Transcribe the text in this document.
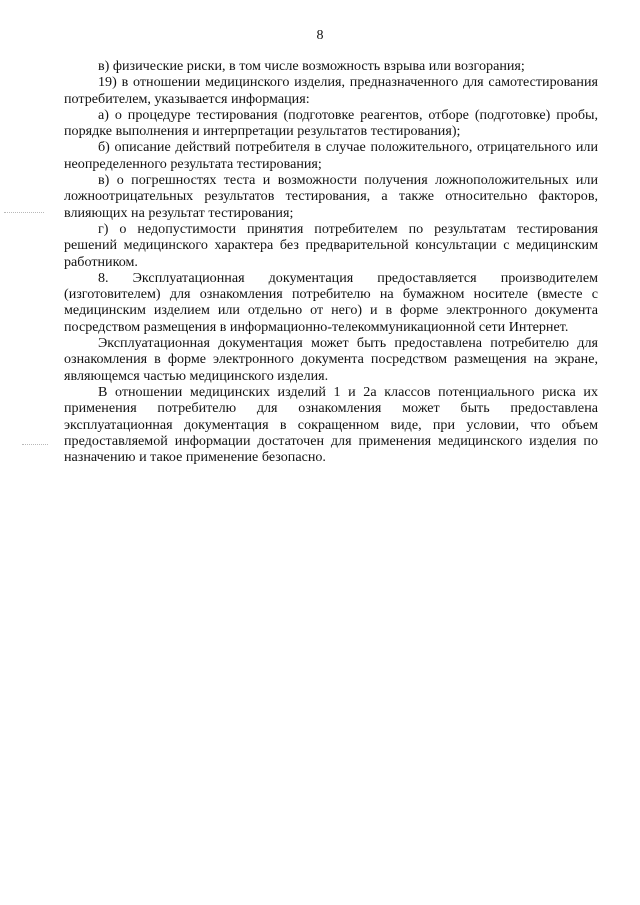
8

в) физические риски, в том числе возможность взрыва или возгорания;

19) в отношении медицинского изделия, предназначенного для самотестирования потребителем, указывается информация:

а) о процедуре тестирования (подготовке реагентов, отборе (подготовке) пробы, порядке выполнения и интерпретации результатов тестирования);

б) описание действий потребителя в случае положительного, отрицательного или неопределенного результата тестирования;

в) о погрешностях теста и возможности получения ложноположительных или ложноотрицательных результатов тестирования, а также относительно факторов, влияющих на результат тестирования;

г) о недопустимости принятия потребителем по результатам тестирования решений медицинского характера без предварительной консультации с медицинским работником.

8. Эксплуатационная документация предоставляется производителем (изготовителем) для ознакомления потребителю на бумажном носителе (вместе с медицинским изделием или отдельно от него) и в форме электронного документа посредством размещения в информационно-телекоммуникационной сети Интернет.

Эксплуатационная документация может быть предоставлена потребителю для ознакомления в форме электронного документа посредством размещения на экране, являющемся частью медицинского изделия.

В отношении медицинских изделий 1 и 2а классов потенциального риска их применения потребителю для ознакомления может быть предоставлена эксплуатационная документация в сокращенном виде, при условии, что объем предоставляемой информации достаточен для применения медицинского изделия по назначению и такое применение безопасно.
